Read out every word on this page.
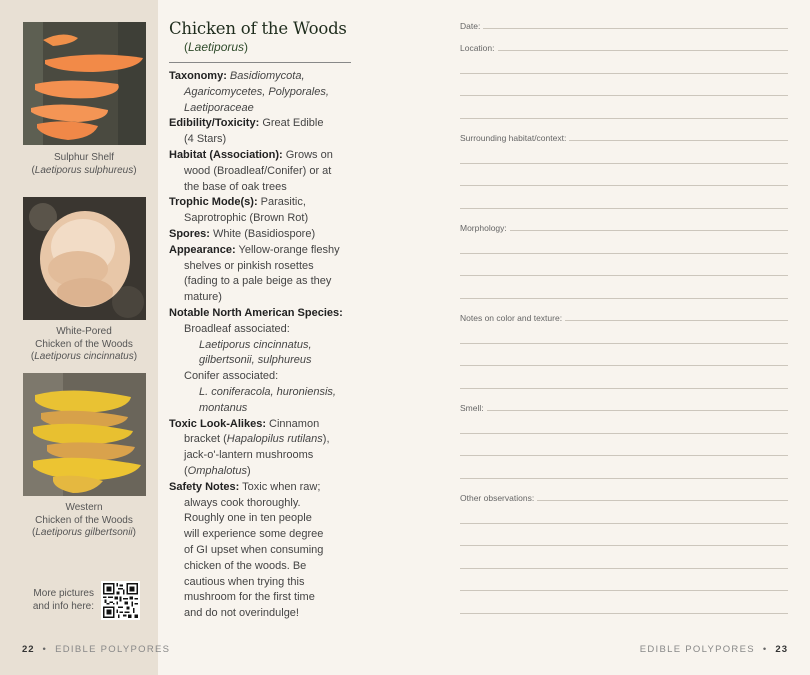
Sulphur Shelf
(Laetiporus sulphureus)
White-Pored
Chicken of the Woods
(Laetiporus cincinnatus)
Western
Chicken of the Woods
(Laetiporus gilbertsonii)
More pictures
and info here:
22 • EDIBLE POLYPORES
Chicken of the Woods
(Laetiporus)
Taxonomy: Basidiomycota,
Agaricomycetes, Polyporales,
Laetiporaceae
Edibility/Toxicity: Great Edible
(4 Stars)
Habitat (Association): Grows on
wood (Broadleaf/Conifer) or at
the base of oak trees
Trophic Mode(s): Parasitic,
Saprotrophic (Brown Rot)
Spores: White (Basidiospore)
Appearance: Yellow-orange fleshy
shelves or pinkish rosettes
(fading to a pale beige as they
mature)
Notable North American Species:
Broadleaf associated:
Laetiporus cincinnatus,
gilbertsonii, sulphureus
Conifer associated:
L. coniferacola, huroniensis,
montanus
Toxic Look-Alikes: Cinnamon
bracket (Hapalopilus rutilans),
jack-o'-lantern mushrooms
(Omphalotus)
Safety Notes: Toxic when raw;
always cook thoroughly.
Roughly one in ten people
will experience some degree
of GI upset when consuming
chicken of the woods. Be
cautious when trying this
mushroom for the first time
and do not overindulge!
Date:
Location:
Surrounding habitat/context:
Morphology:
Notes on color and texture:
Smell:
Other observations:
EDIBLE POLYPORES • 23
